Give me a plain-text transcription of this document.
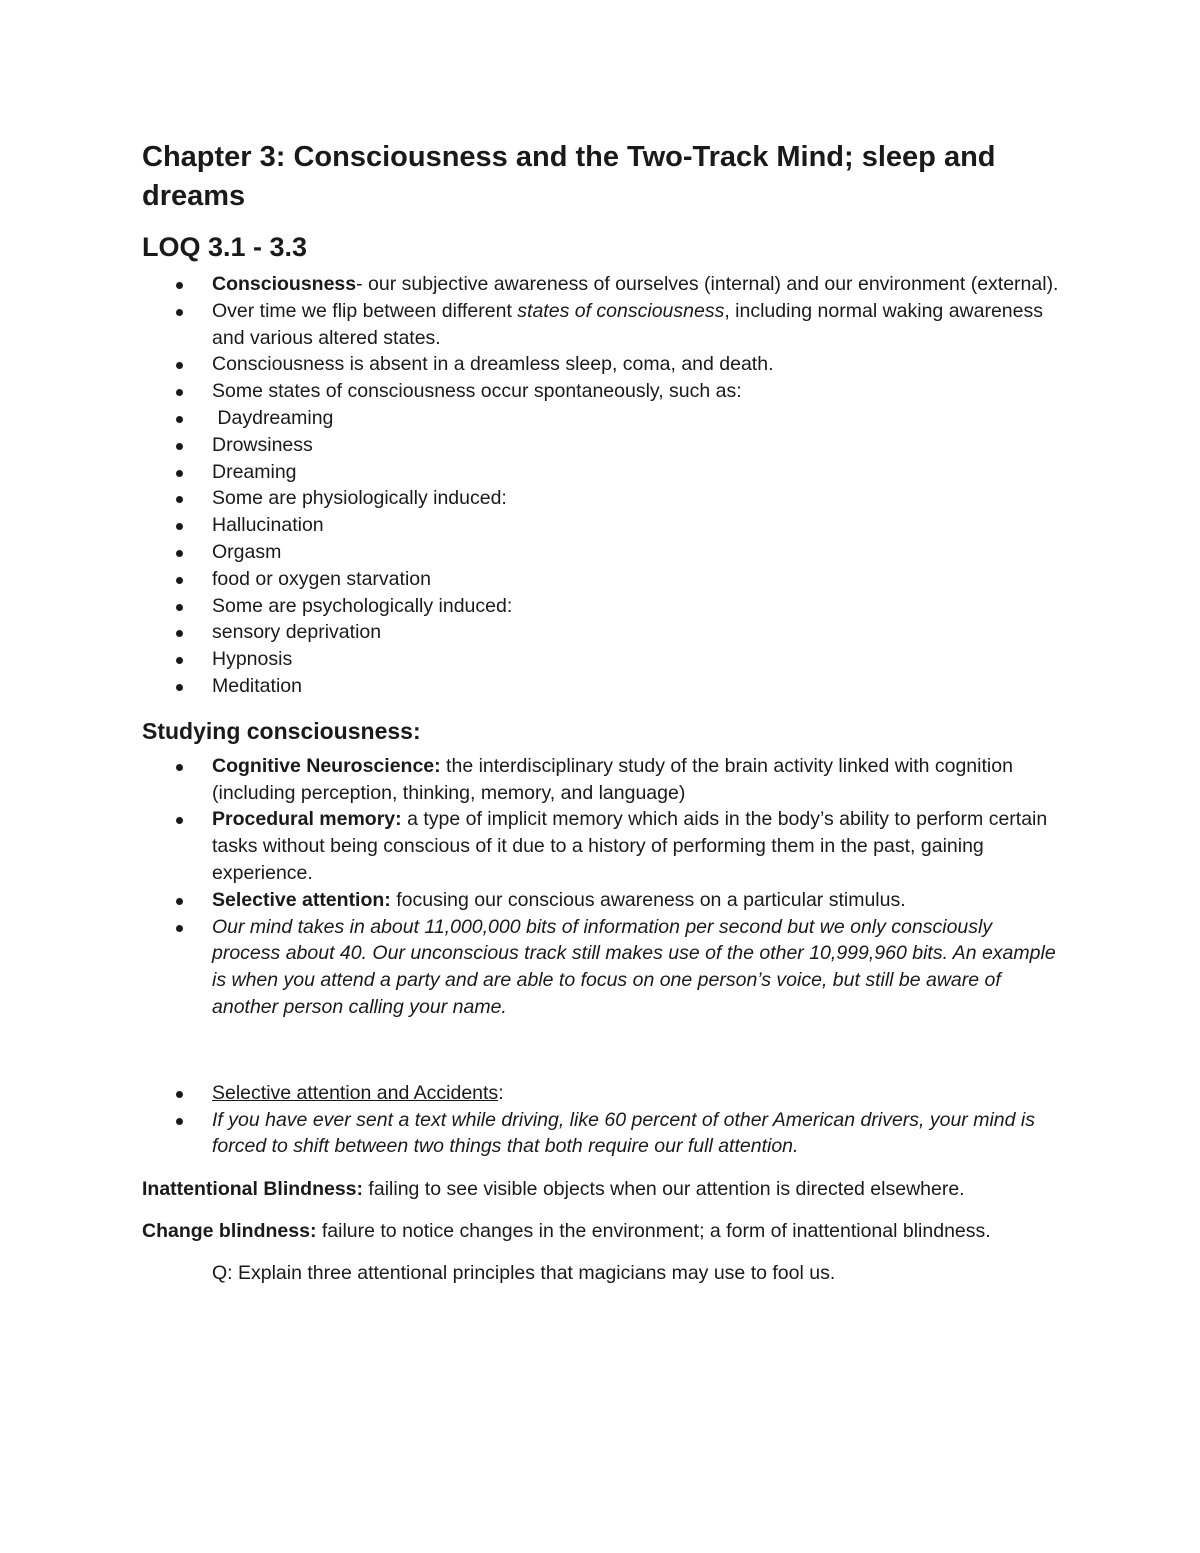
Chapter 3: Consciousness and the Two-Track Mind; sleep and dreams
LOQ 3.1 - 3.3
Consciousness- our subjective awareness of ourselves (internal) and our environment (external).
Over time we flip between different states of consciousness, including normal waking awareness and various altered states.
Consciousness is absent in a dreamless sleep, coma, and death.
Some states of consciousness occur spontaneously, such as:
Daydreaming
Drowsiness
Dreaming
Some are physiologically induced:
Hallucination
Orgasm
food or oxygen starvation
Some are psychologically induced:
sensory deprivation
Hypnosis
Meditation
Studying consciousness:
Cognitive Neuroscience: the interdisciplinary study of the brain activity linked with cognition (including perception, thinking, memory, and language)
Procedural memory: a type of implicit memory which aids in the body’s ability to perform certain tasks without being conscious of it due to a history of performing them in the past, gaining experience.
Selective attention: focusing our conscious awareness on a particular stimulus.
Our mind takes in about 11,000,000 bits of information per second but we only consciously process about 40. Our unconscious track still makes use of the other 10,999,960 bits. An example is when you attend a party and are able to focus on one person’s voice, but still be aware of another person calling your name.
Selective attention and Accidents:
If you have ever sent a text while driving, like 60 percent of other American drivers, your mind is forced to shift between two things that both require our full attention.

Inattentional Blindness: failing to see visible objects when our attention is directed elsewhere.

Change blindness: failure to notice changes in the environment; a form of inattentional blindness.

Q: Explain three attentional principles that magicians may use to fool us.
